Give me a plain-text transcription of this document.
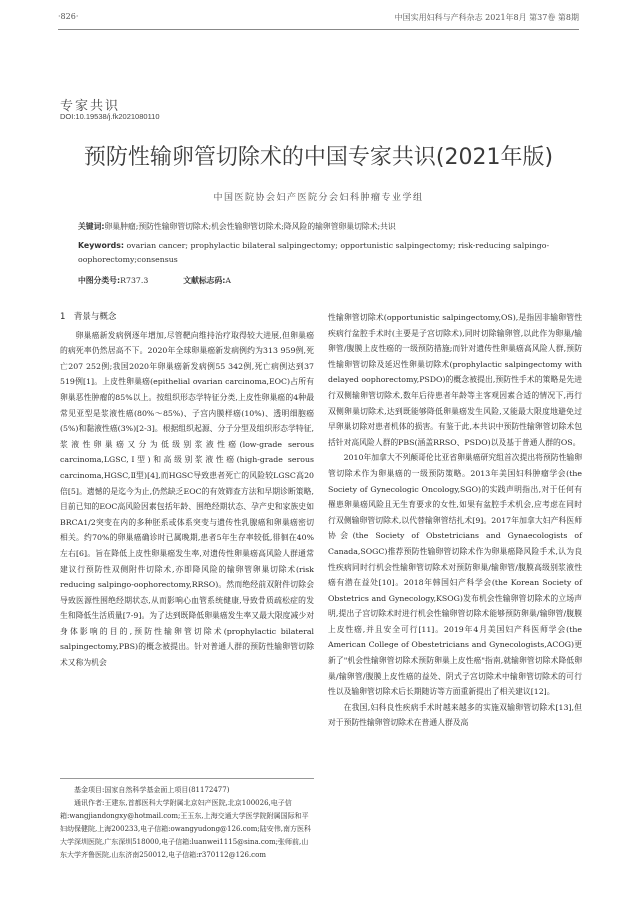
·826·	中国实用妇科与产科杂志 2021年8月 第37卷 第8期
专家共识
DOI:10.19538/j.fk2021080110
预防性输卵管切除术的中国专家共识(2021年版)
中国医院协会妇产医院分会妇科肿瘤专业学组
关键词:卵巢肿瘤;预防性输卵管切除术;机会性输卵管切除术;降风险的输卵管卵巢切除术;共识
Keywords: ovarian cancer; prophylactic bilateral salpingectomy; opportunistic salpingectomy; risk-reducing salpingo-oophorectomy;consensus
中图分类号:R737.3	文献标志码:A
1　背景与概念

卵巢癌新发病例逐年增加,尽管靶向维持治疗取得较大进展,但卵巢癌的病死率仍然居高不下。2020年全球卵巢癌新发病例约为313 959例,死亡207 252例;我国2020年卵巢癌新发病例55 342例,死亡病例达到37 519例[1]。上皮性卵巢癌(epithelial ovarian carcinoma,EOC)占所有卵巢恶性肿瘤的85%以上。按组织形态学特征分类,上皮性卵巢癌的4种最常见亚型是浆液性癌(80%～85%)、子宫内膜样癌(10%)、透明细胞癌(5%)和黏液性癌(3%)[2-3]。根据组织起源、分子分型及组织形态学特征,浆液性卵巢癌又分为低级别浆液性癌(low-grade serous carcinoma,LGSC,Ⅰ型)和高级别浆液性癌(high-grade serous carcinoma,HGSC,Ⅱ型)[4],而HGSC导致患者死亡的风险较LGSC高20倍[5]。遗憾的是迄今为止,仍然缺乏EOC的有效筛查方法和早期诊断策略,目前已知的EOC高风险因素包括年龄、围绝经期状态、孕产史和家族史如BRCA1/2突变在内的多种胚系或体系突变与遗传性乳腺癌和卵巢癌密切相关。约70%的卵巢癌确诊时已属晚期,患者5年生存率较低,徘徊在40%左右[6]。旨在降低上皮性卵巢癌发生率,对遗传性卵巢癌高风险人群通常建议行预防性双侧附件切除术,亦即降风险的输卵管卵巢切除术(risk reducing salpingo-oophorectomy,RRSO)。然而绝经前双附件切除会导致医源性围绝经期状态,从而影响心血管系统健康,导致骨质疏松症的发生和降低生活质量[7-9]。为了达到既降低卵巢癌发生率又最大限度减少对身体影响的目的,预防性输卵管切除术(prophylactic bilateral salpingectomy,PBS)的概念被提出。针对普通人群的预防性输卵管切除术又称为机会

性输卵管切除术(opportunistic salpingectomy,OS),是指因非输卵管性疾病行盆腔手术时(主要是子宫切除术),同时切除输卵管,以此作为卵巢/输卵管/腹膜上皮性癌的一级预防措施;而针对遗传性卵巢癌高风险人群,预防性输卵管切除及延迟性卵巢切除术(prophylactic salpingectomy with delayed oophorectomy,PSDO)的概念被提出,预防性手术的策略是先进行双侧输卵管切除术,数年后待患者年龄等主客观因素合适的情况下,再行双侧卵巢切除术,达到既能够降低卵巢癌发生风险,又能最大限度地避免过早卵巢切除对患者机体的损害。有鉴于此,本共识中预防性输卵管切除术包括针对高风险人群的PBS(涵盖RRSO、PSDO)以及基于普通人群的OS。

2010年加拿大不列颠哥伦比亚省卵巢癌研究组首次提出将预防性输卵管切除术作为卵巢癌的一级预防策略。2013年美国妇科肿瘤学会(the Society of Gynecologic Oncology,SGO)的实践声明指出,对于任何有罹患卵巢癌风险且无生育要求的女性,如果有盆腔手术机会,应考虑在同时行双侧输卵管切除术,以代替输卵管结扎术[9]。2017年加拿大妇产科医师协会(the Society of Obstetricians and Gynaecologists of Canada,SOGC)推荐预防性输卵管切除术作为卵巢癌降风险手术,认为良性疾病同时行机会性输卵管切除术对预防卵巢/输卵管/腹膜高级别浆液性癌有潜在益处[10]。2018年韩国妇产科学会(the Korean Society of Obstetrics and Gynecology,KSOG)发布机会性输卵管切除术的立场声明,提出子宫切除术时进行机会性输卵管切除术能够预防卵巢/输卵管/腹膜上皮性癌,并且安全可行[11]。2019年4月美国妇产科医师学会(the American College of Obestetricians and Gynecologists,ACOG)更新了"机会性输卵管切除术预防卵巢上皮性癌"指南,就输卵管切除术降低卵巢/输卵管/腹膜上皮性癌的益处、阴式子宫切除术中输卵管切除术的可行性以及输卵管切除术后长期随访等方面重新提出了相关建议[12]。

在我国,妇科良性疾病手术时越来越多的实施双输卵管切除术[13],但对于预防性输卵管切除术在普通人群及高

基金项目:国家自然科学基金面上项目(81172477)

通讯作者:王建东,首都医科大学附属北京妇产医院,北京100026,电子信箱:wangjiandongxy@hotmail.com;王玉东,上海交通大学医学院附属国际和平妇幼保健院,上海200233,电子信箱:owangyudong@126.com;陆安伟,南方医科大学深圳医院,广东深圳518000,电子信箱:luanwei1115@sina.com;张师前,山东大学齐鲁医院,山东济南250012,电子信箱:r370112@126.com
